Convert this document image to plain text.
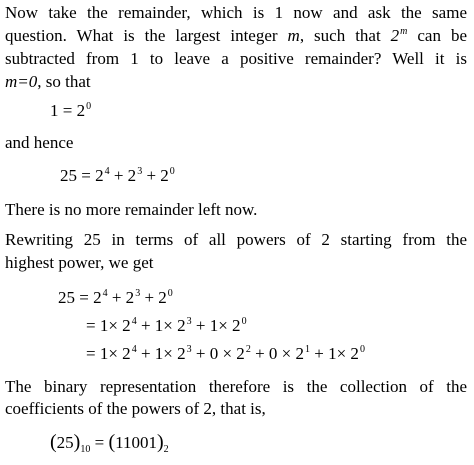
Now take the remainder, which is 1 now and ask the same
question. What is the largest integer m, such that 2$^m$ can be
subtracted from 1 to leave a positive remainder? Well it is
m=0, so that
$1 = 2^0$
and hence
$25 = 2^4 + 2^3 + 2^0$
There is no more remainder left now.
Rewriting 25 in terms of all powers of 2 starting from the
highest power, we get
$25 = 2^4 + 2^3 + 2^0$
= $1\times 2^4 + 1\times 2^3 + 1\times 2^0$
= $1\times 2^4 + 1\times 2^3 + 0 \times 2^2 + 0 \times 2^1 + 1\times 2^0$
The binary representation therefore is the collection of the
coefficients of the powers of 2, that is,
$(25)_{10} = (11001)_2$
